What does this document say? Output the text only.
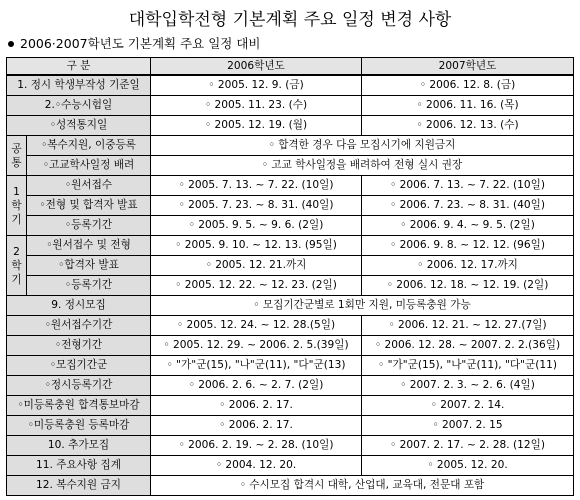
대학입학전형 기본계획 주요 일정 변경 사항
2006·2007학년도 기본계획 주요 일정 대비
구 분		2006학년도	2007학년도
1. 정시 학생부작성 기준일		◦ 2005. 12. 9. (금)	◦ 2006. 12. 8. (금)
2.◦수능시험일		◦ 2005. 11. 23. (수)	◦ 2006. 11. 16. (목)
◦성적통지일		◦ 2005. 12. 19. (월)	◦ 2006. 12. 13. (수)
공통	◦복수지원, 이중등록	◦ 합격한 경우 다음 모집시기에 지원금지	
	◦고교학사일정 배려	◦ 고교 학사일정을 배려하여 전형 실시 권장	
1
학
기	◦원서접수	◦ 2005. 7. 13. ~ 7. 22. (10일)	◦ 2006. 7. 13. ~ 7. 22. (10일)
	◦전형 및 합격자 발표	◦ 2005. 7. 23. ~ 8. 31. (40일)	◦ 2006. 7. 23. ~ 8. 31. (40일)
	◦등록기간	◦ 2005. 9. 5. ~ 9. 6. (2일)	◦ 2006. 9. 4. ~ 9. 5. (2일)
2
학
기	◦원서접수 및 전형	◦ 2005. 9. 10. ~ 12. 13. (95일)	◦ 2006. 9. 8. ~ 12. 12. (96일)
	◦합격자 발표	◦ 2005. 12. 21.까지	◦ 2006. 12. 17.까지
	◦등록기간	◦ 2005. 12. 22. ~ 12. 23. (2일)	◦ 2006. 12. 18. ~ 12. 19. (2일)
9. 정시모집		◦ 모집기간군별로 1회만 지원, 미등록충원 가능	
◦원서접수기간		◦ 2005. 12. 24. ~ 12. 28.(5일)	◦ 2006. 12. 21. ~ 12. 27.(7일)
◦전형기간		◦ 2005. 12. 29. ~ 2006. 2. 5.(39일)	◦ 2006. 12. 28. ~ 2007. 2. 2.(36일)
◦모집기간군		◦ "가"군(15), "나"군(11), "다"군(13)	◦ "가"군(15), "나"군(11), "다"군(11)
◦정시등록기간		◦ 2006. 2. 6. ~ 2. 7. (2일)	◦ 2007. 2. 3. ~ 2. 6. (4일)
◦미등록충원 합격통보마감		◦ 2006. 2. 17.	◦ 2007. 2. 14.
◦미등록충원 등록마감		◦ 2006. 2. 17.	◦ 2007. 2. 15
10. 추가모집		◦ 2006. 2. 19. ~ 2. 28. (10일)	◦ 2007. 2. 17. ~ 2. 28. (12일)
11. 주요사항 집계		◦ 2004. 12. 20.	◦ 2005. 12. 20.
12. 복수지원 금지		◦ 수시모집 합격시 대학, 산업대, 교육대, 전문대 포함	
